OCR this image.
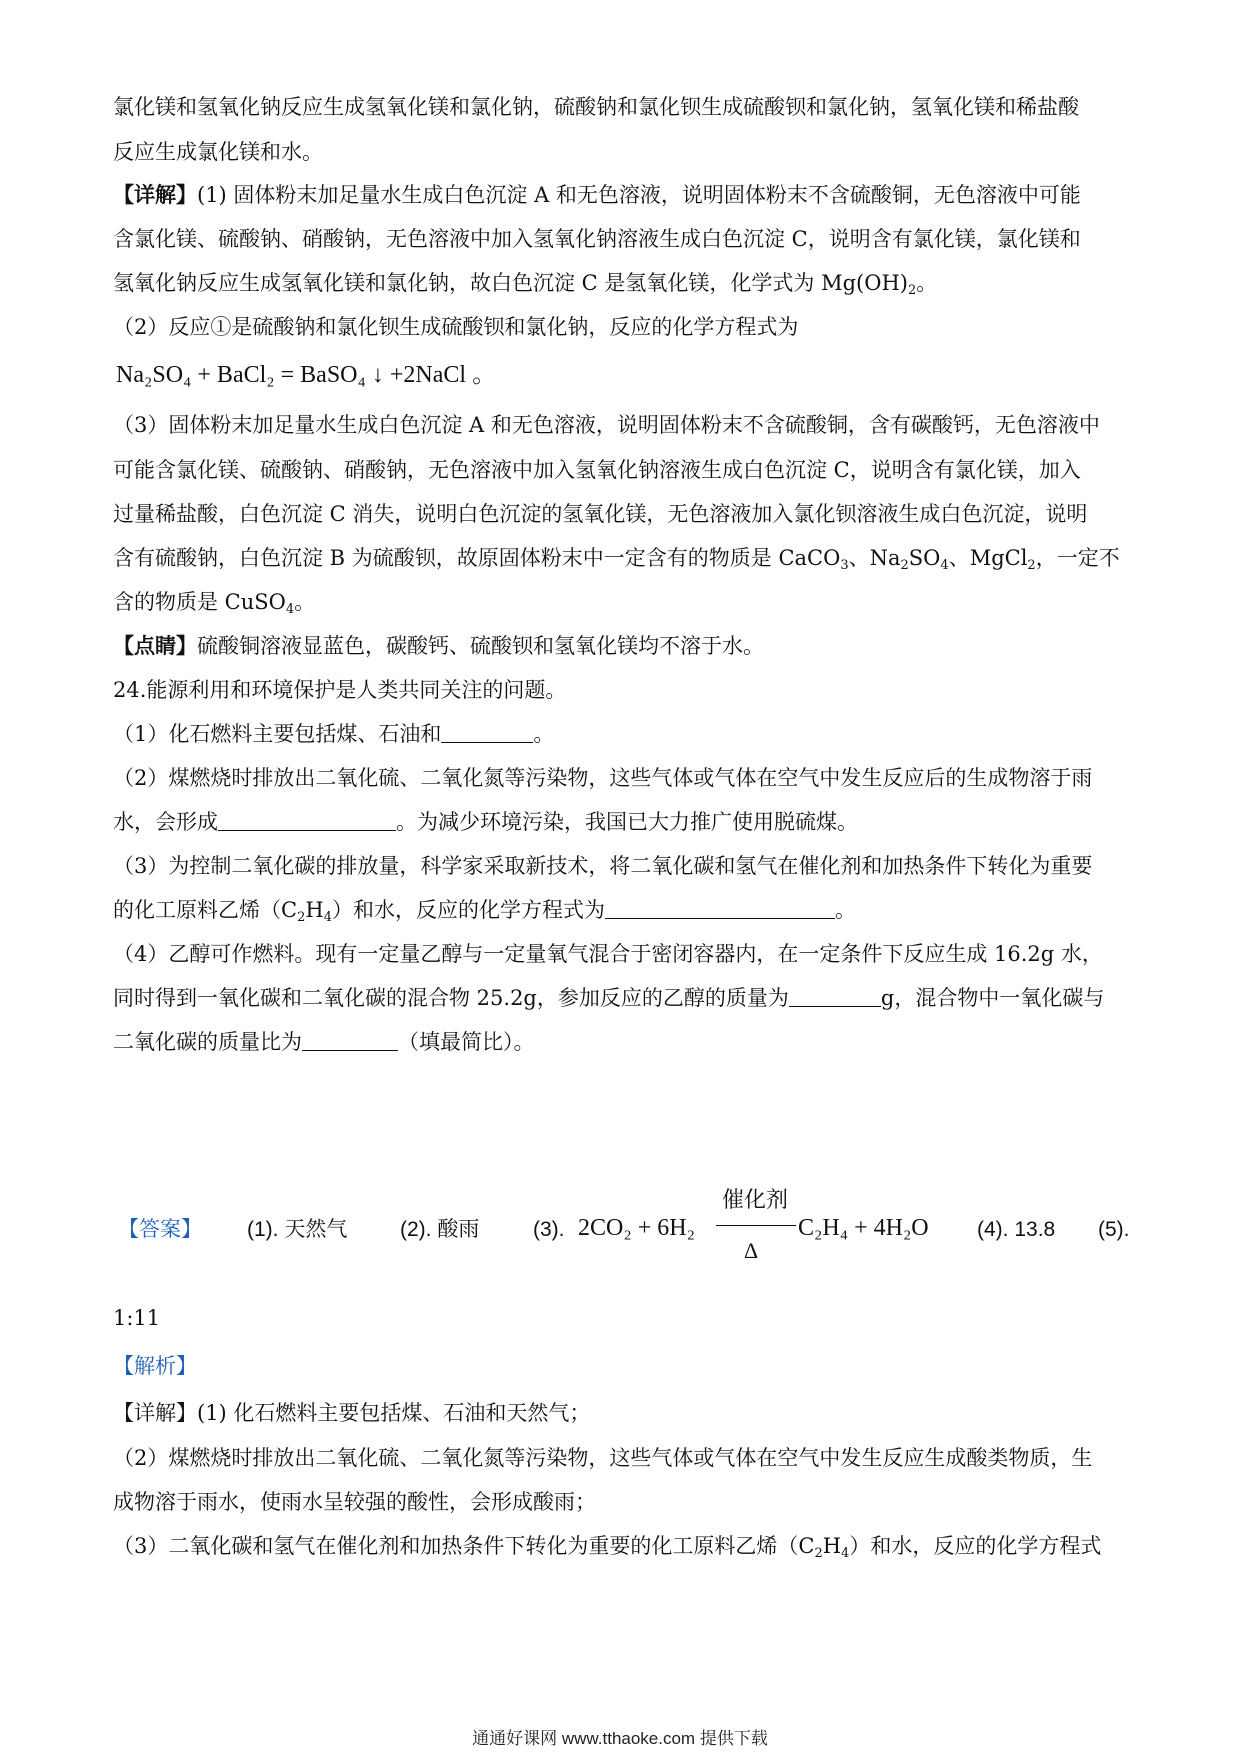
氯化镁和氢氧化钠反应生成氢氧化镁和氯化钠，硫酸钠和氯化钡生成硫酸钡和氯化钠，氢氧化镁和稀盐酸
反应生成氯化镁和水。
【详解】(1) 固体粉末加足量水生成白色沉淀 A 和无色溶液，说明固体粉末不含硫酸铜，无色溶液中可能
含氯化镁、硫酸钠、硝酸钠，无色溶液中加入氢氧化钠溶液生成白色沉淀 C，说明含有氯化镁，氯化镁和
氢氧化钠反应生成氢氧化镁和氯化钠，故白色沉淀 C 是氢氧化镁，化学式为 $Mg(OH)_2$。
（2）反应①是硫酸钠和氯化钡生成硫酸钡和氯化钠，反应的化学方程式为
Na₂SO₄ + BaCl₂ = BaSO₄ ↓ +2NaCl 。
（3）固体粉末加足量水生成白色沉淀 A 和无色溶液，说明固体粉末不含硫酸铜，含有碳酸钙，无色溶液中
可能含氯化镁、硫酸钠、硝酸钠，无色溶液中加入氢氧化钠溶液生成白色沉淀 C，说明含有氯化镁，加入
过量稀盐酸，白色沉淀 C 消失，说明白色沉淀的氢氧化镁，无色溶液加入氯化钡溶液生成白色沉淀，说明
含有硫酸钠，白色沉淀 B 为硫酸钡，故原固体粉末中一定含有的物质是 CaCO$_3$、$Na_2SO_4$、MgCl$_2$，一定不
含的物质是 CuSO$_4$。
【点睛】硫酸铜溶液显蓝色，碳酸钙、硫酸钡和氢氧化镁均不溶于水。
24.能源利用和环境保护是人类共同关注的问题。
（1）化石燃料主要包括煤、石油和	。
（2）煤燃烧时排放出二氧化硫、二氧化氮等污染物，这些气体或气体在空气中发生反应后的生成物溶于雨
水，会形成	。为减少环境污染，我国已大力推广使用脱硫煤。
（3）为控制二氧化碳的排放量，科学家采取新技术，将二氧化碳和氢气在催化剂和加热条件下转化为重要
的化工原料乙烯$(C_2H_4)$和水，反应的化学方程式为	。
（4）乙醇可作燃料。现有一定量乙醇与一定量氧气混合于密闭容器内，在一定条件下反应生成 16.2g 水，
同时得到一氧化碳和二氧化碳的混合物 25.2g，参加反应的乙醇的质量为	g，混合物中一氧化碳与
二氧化碳的质量比为	（填最简比）。
【答案】 (1). 天然气	(2). 酸雨	(3). 2CO₂ + 6H₂
催化剂
Δ
C₂H₄ + 4H₂O (4). 13.8 (5).
1:11
【解析】
【详解】(1) 化石燃料主要包括煤、石油和天然气；
（2）煤燃烧时排放出二氧化硫、二氧化氮等污染物，这些气体或气体在空气中发生反应生成酸类物质，生
成物溶于雨水，使雨水呈较强的酸性，会形成酸雨；
（3）二氧化碳和氢气在催化剂和加热条件下转化为重要的化工原料乙烯$(C_2H_4)$和水，反应的化学方程式
通通好课网 www.tthaoke.com 提供下载
